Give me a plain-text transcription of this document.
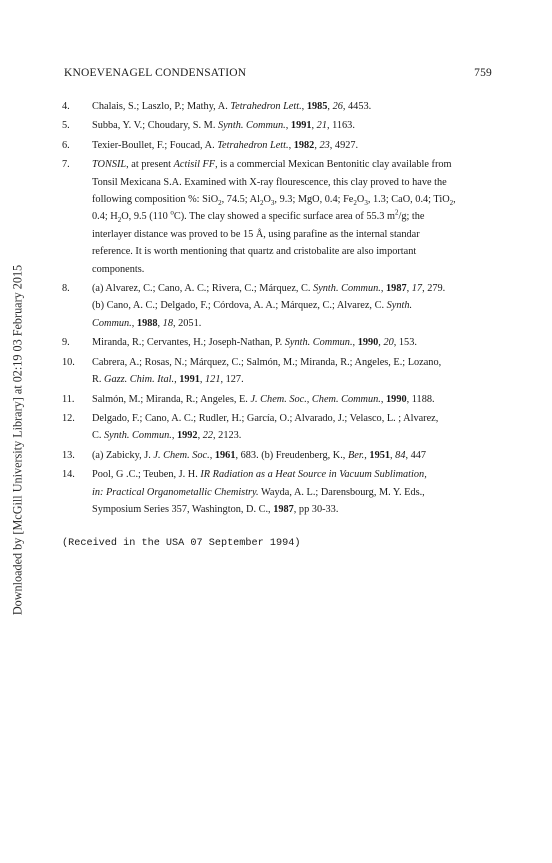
KNOEVENAGEL CONDENSATION	759
Downloaded by [McGill University Library] at 02:19 03 February 2015
4. Chalais, S.; Laszlo, P.; Mathy, A. Tetrahedron Lett., 1985, 26, 4453.
5. Subba, Y. V.; Choudary, S. M. Synth. Commun., 1991, 21, 1163.
6. Texier-Boullet, F.; Foucad, A. Tetrahedron Lett., 1982, 23, 4927.
7. TONSIL, at present Actisil FF, is a commercial Mexican Bentonitic clay available from
Tonsil Mexicana S.A. Examined with X-ray flourescence, this clay proved to have the
following composition %: SiO$_2$, 74.5; $Al_2O_3$, 9.3; MgO, 0.4; $Fe_2O_3$, 1.3; CaO, 0.4; TiO$_2$,
0.4; $H_2O$, 9.5 (110 $^o$C). The clay showed a specific surface area of 55.3 $m^2/g$; the
interlayer distance was proved to be 15 Å, using parafine as the internal standar
reference. It is worth mentioning that quartz and cristobalite are also important
components.
8. (a) Alvarez, C.; Cano, A. C.; Rivera, C.; Márquez, C. Synth. Commun., 1987, 17, 279.
(b) Cano, A. C.; Delgado, F.; Córdova, A. A.; Márquez, C.; Alvarez, C. Synth.
Commun., 1988, 18, 2051.
9. Miranda, R.; Cervantes, H.; Joseph-Nathan, P. Synth. Commun., 1990, 20, 153.
10. Cabrera, A.; Rosas, N.; Márquez, C.; Salmón, M.; Miranda, R.; Angeles, E.; Lozano,
R. Gazz. Chim. Ital., 1991, 121, 127.
11. Salmón, M.; Miranda, R.; Angeles, E. J. Chem. Soc., Chem. Commun., 1990, 1188.
12. Delgado, F.; Cano, A. C.; Rudler, H.; García, O.; Alvarado, J.; Velasco, L. ; Alvarez,
C. Synth. Commun., 1992, 22, 2123.
13. (a) Zabicky, J. J. Chem. Soc., 1961, 683. (b) Freudenberg, K., Ber., 1951, 84, 447
14. Pool, G .C.; Teuben, J. H. IR Radiation as a Heat Source in Vacuum Sublimation,
in: Practical Organometallic Chemistry. Wayda, A. L.; Darensbourg, M. Y. Eds.,
Symposium Series 357, Washington, D. C., 1987, pp 30-33.
(Received in the USA 07 September 1994)
